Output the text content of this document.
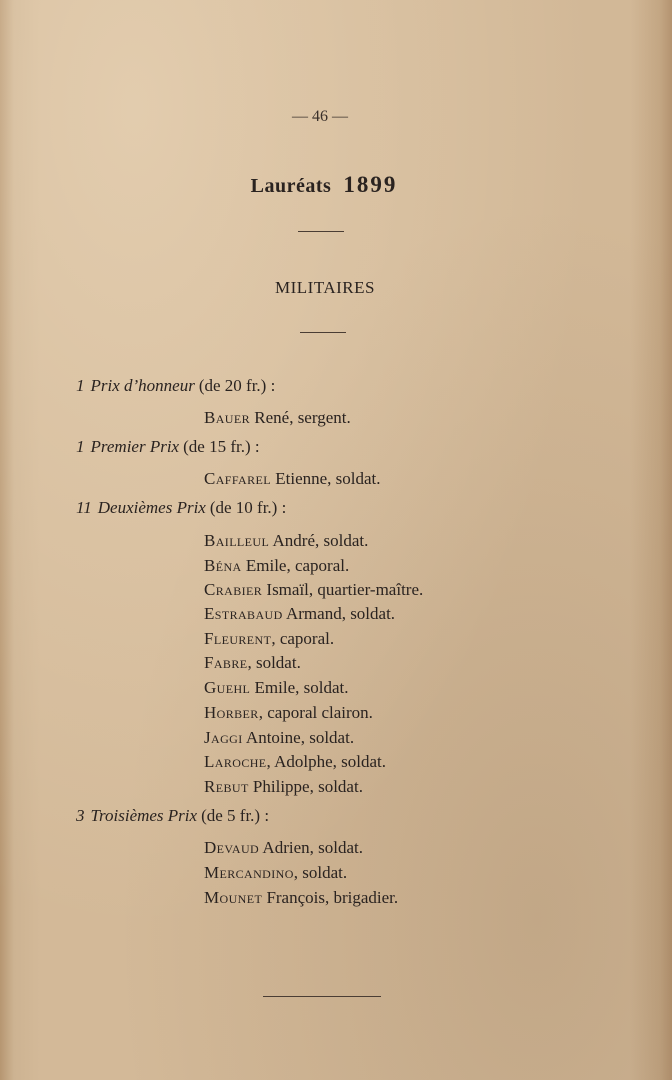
— 46 —
Lauréats 1899
MILITAIRES
1 Prix d’honneur (de 20 fr.) :
Bauer René, sergent.
1 Premier Prix (de 15 fr.) :
Caffarel Etienne, soldat.
11 Deuxièmes Prix (de 10 fr.) :
Bailleul André, soldat.
Béna Emile, caporal.
Crabier Ismaïl, quartier-maître.
Estrabaud Armand, soldat.
Fleurent, caporal.
Fabre, soldat.
Guehl Emile, soldat.
Horber, caporal clairon.
Jaggi Antoine, soldat.
Laroche, Adolphe, soldat.
Rebut Philippe, soldat.
3 Troisièmes Prix (de 5 fr.) :
Devaud Adrien, soldat.
Mercandino, soldat.
Mounet François, brigadier.
